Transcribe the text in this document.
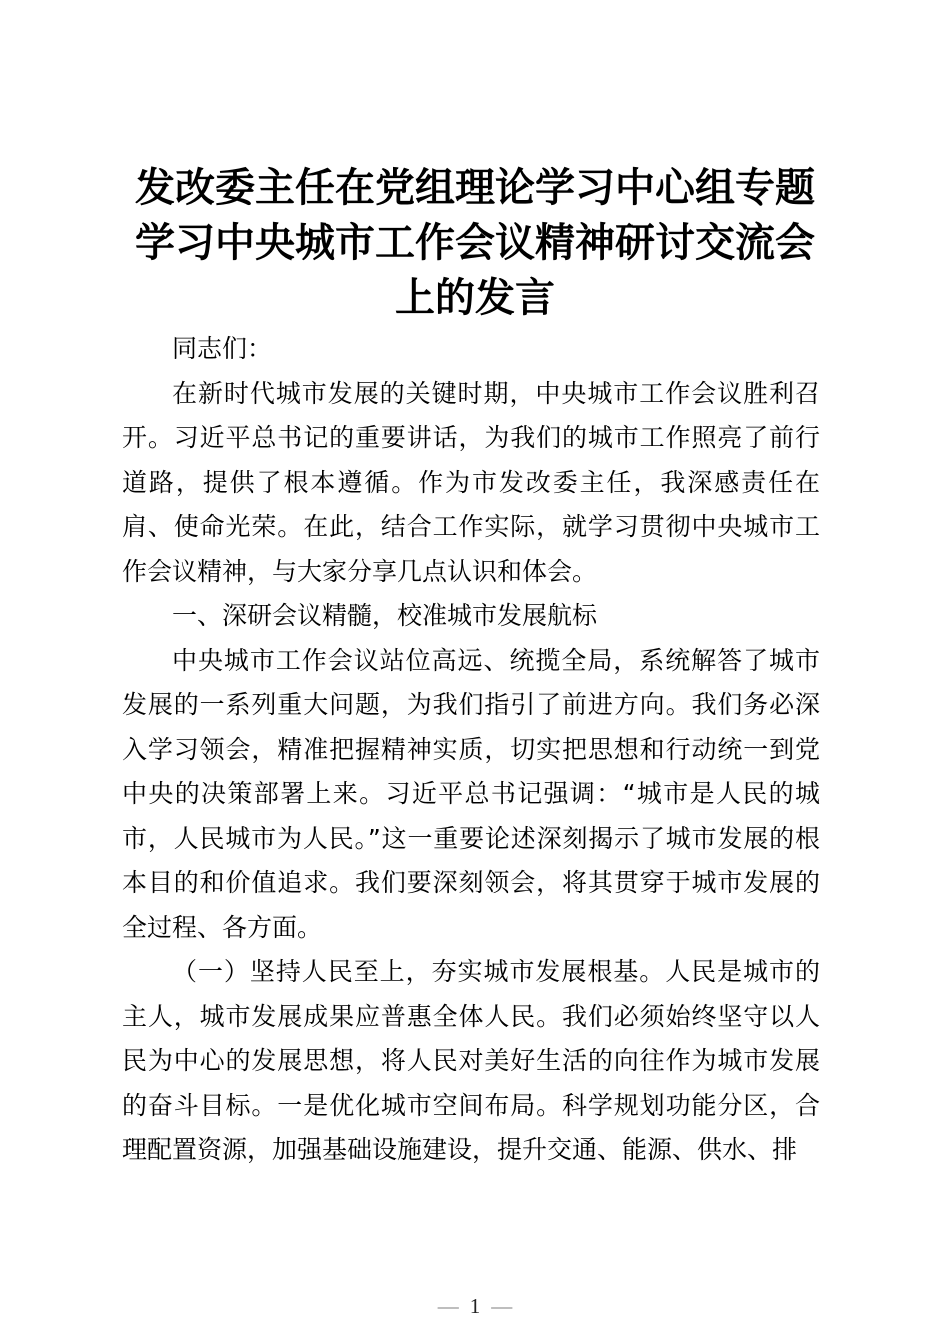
发改委主任在党组理论学习中心组专题学习中央城市工作会议精神研讨交流会上的发言

同志们：

在新时代城市发展的关键时期，中央城市工作会议胜利召开。习近平总书记的重要讲话，为我们的城市工作照亮了前行道路，提供了根本遵循。作为市发改委主任，我深感责任在肩、使命光荣。在此，结合工作实际，就学习贯彻中央城市工作会议精神，与大家分享几点认识和体会。

一、深研会议精髓，校准城市发展航标

中央城市工作会议站位高远、统揽全局，系统解答了城市发展的一系列重大问题，为我们指引了前进方向。我们务必深入学习领会，精准把握精神实质，切实把思想和行动统一到党中央的决策部署上来。习近平总书记强调：“城市是人民的城市，人民城市为人民。”这一重要论述深刻揭示了城市发展的根本目的和价值追求。我们要深刻领会，将其贯穿于城市发展的全过程、各方面。

（一）坚持人民至上，夯实城市发展根基。人民是城市的主人，城市发展成果应普惠全体人民。我们必须始终坚守以人民为中心的发展思想，将人民对美好生活的向往作为城市发展的奋斗目标。一是优化城市空间布局。科学规划功能分区，合理配置资源，加强基础设施建设，提升交通、能源、供水、排

— 1 —
